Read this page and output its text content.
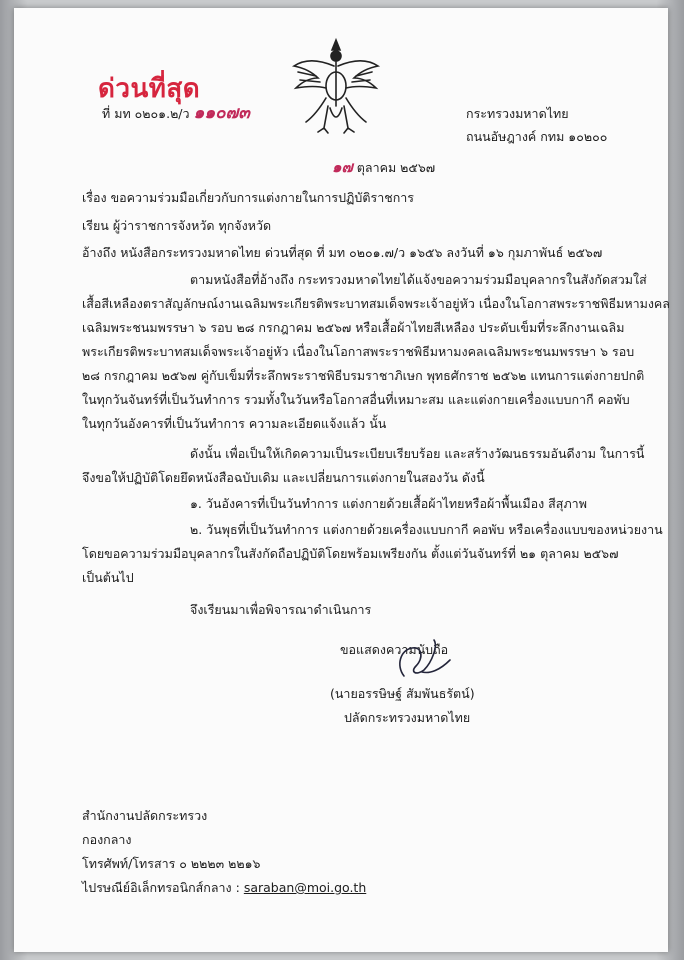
ด่วนที่สุด
ที่ มท ๐๒๐๑.๒/ว ๑๑๐๗๓	กระทรวงมหาดไทย
ถนนอัษฎางค์ กทม ๑๐๒๐๐
๑๗ ตุลาคม ๒๕๖๗
เรื่อง ขอความร่วมมือเกี่ยวกับการแต่งกายในการปฏิบัติราชการ
เรียน ผู้ว่าราชการจังหวัด ทุกจังหวัด
อ้างถึง หนังสือกระทรวงมหาดไทย ด่วนที่สุด ที่ มท ๐๒๐๑.๗/ว ๑๖๕๖ ลงวันที่ ๑๖ กุมภาพันธ์ ๒๕๖๗
ตามหนังสือที่อ้างถึง กระทรวงมหาดไทยได้แจ้งขอความร่วมมือบุคลากรในสังกัดสวมใส่
เสื้อสีเหลืองตราสัญลักษณ์งานเฉลิมพระเกียรติพระบาทสมเด็จพระเจ้าอยู่หัว เนื่องในโอกาสพระราชพิธีมหามงคล
เฉลิมพระชนมพรรษา ๖ รอบ ๒๘ กรกฎาคม ๒๕๖๗ หรือเสื้อผ้าไทยสีเหลือง ประดับเข็มที่ระลึกงานเฉลิม
พระเกียรติพระบาทสมเด็จพระเจ้าอยู่หัว เนื่องในโอกาสพระราชพิธีมหามงคลเฉลิมพระชนมพรรษา ๖ รอบ
๒๘ กรกฎาคม ๒๕๖๗ คู่กับเข็มที่ระลึกพระราชพิธีบรมราชาภิเษก พุทธศักราช ๒๕๖๒ แทนการแต่งกายปกติ
ในทุกวันจันทร์ที่เป็นวันทำการ รวมทั้งในวันหรือโอกาสอื่นที่เหมาะสม และแต่งกายเครื่องแบบกากี คอพับ
ในทุกวันอังคารที่เป็นวันทำการ ความละเอียดแจ้งแล้ว นั้น
ดังนั้น เพื่อเป็นให้เกิดความเป็นระเบียบเรียบร้อย และสร้างวัฒนธรรมอันดีงาม ในการนี้
จึงขอให้ปฏิบัติโดยยึดหนังสือฉบับเดิม และเปลี่ยนการแต่งกายในสองวัน ดังนี้
๑. วันอังคารที่เป็นวันทำการ แต่งกายด้วยเสื้อผ้าไทยหรือผ้าพื้นเมือง สีสุภาพ
๒. วันพุธที่เป็นวันทำการ แต่งกายด้วยเครื่องแบบกากี คอพับ หรือเครื่องแบบของหน่วยงาน
โดยขอความร่วมมือบุคลากรในสังกัดถือปฏิบัติโดยพร้อมเพรียงกัน ตั้งแต่วันจันทร์ที่ ๒๑ ตุลาคม ๒๕๖๗
เป็นต้นไป
จึงเรียนมาเพื่อพิจารณาดำเนินการ
ขอแสดงความนับถือ
(นายอรรษิษฐ์ สัมพันธรัตน์)
ปลัดกระทรวงมหาดไทย
สำนักงานปลัดกระทรวง
กองกลาง
โทรศัพท์/โทรสาร ๐ ๒๒๒๓ ๒๒๑๖
ไปรษณีย์อิเล็กทรอนิกส์กลาง : saraban@moi.go.th
